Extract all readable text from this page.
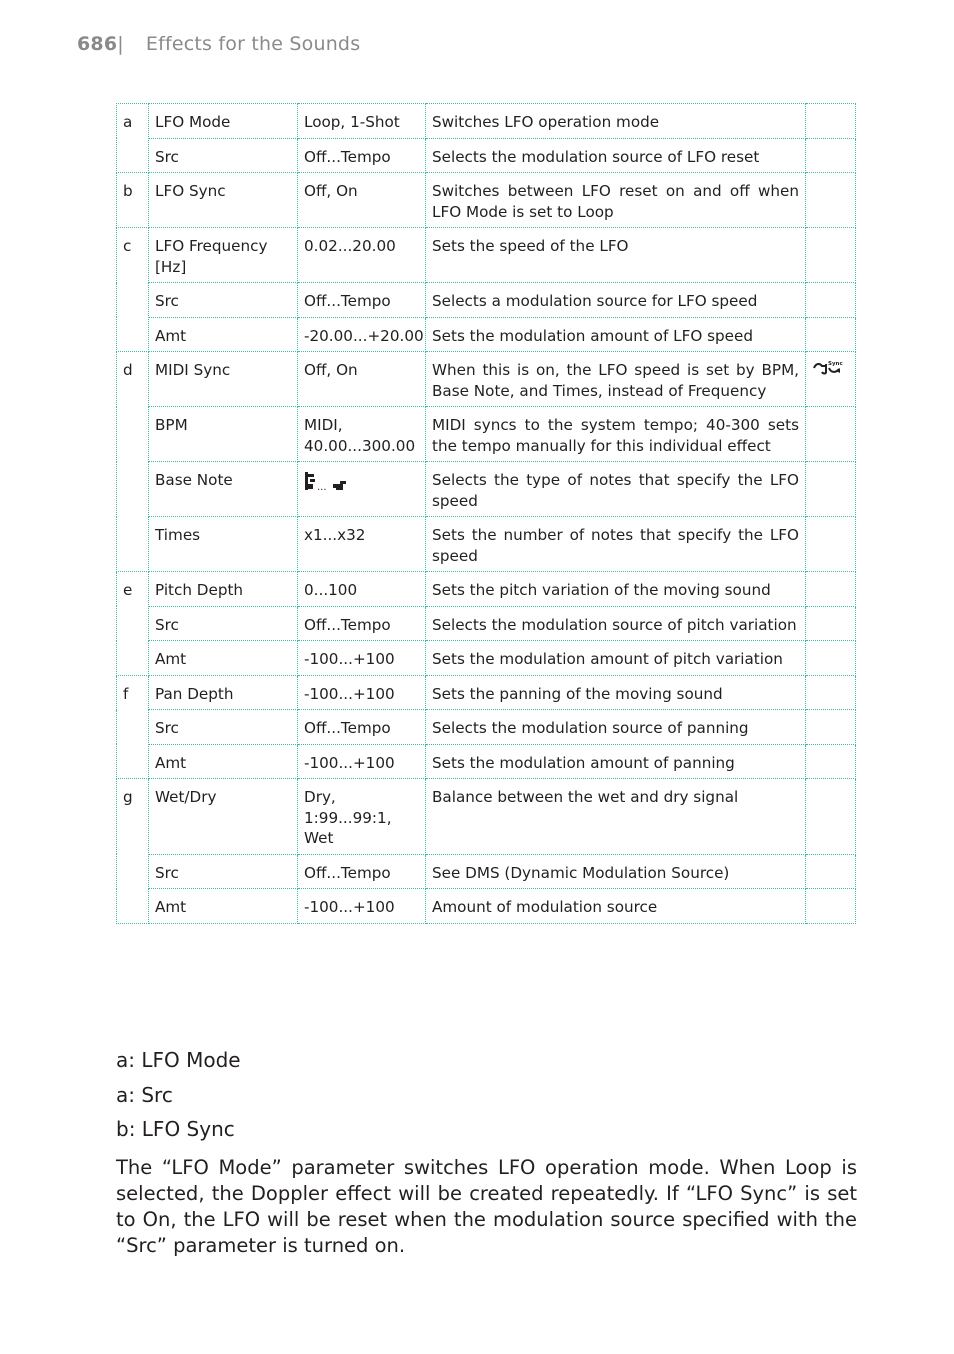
686| Effects for the Sounds
a	LFO Mode	Loop, 1-Shot	Switches LFO operation mode	
	Src	Off...Tempo	Selects the modulation source of LFO reset	
b	LFO Sync	Off, On	Switches between LFO reset on and off when LFO Mode is set to Loop	
c	LFO Frequency [Hz]	0.02...20.00	Sets the speed of the LFO	
	Src	Off...Tempo	Selects a modulation source for LFO speed	
	Amt	-20.00...+20.00	Sets the modulation amount of LFO speed	
d	MIDI Sync	Off, On	When this is on, the LFO speed is set by BPM, Base Note, and Times, instead of Frequency	Sync

	BPM	MIDI, 40.00...300.00	MIDI syncs to the system tempo; 40-300 sets the tempo manually for this individual effect	
	Base Note	...	Selects the type of notes that specify the LFO speed	
	Times	x1...x32	Sets the number of notes that specify the LFO speed	
e	Pitch Depth	0...100	Sets the pitch variation of the moving sound	
	Src	Off...Tempo	Selects the modulation source of pitch variation	
	Amt	-100...+100	Sets the modulation amount of pitch variation	
f	Pan Depth	-100...+100	Sets the panning of the moving sound	
	Src	Off...Tempo	Selects the modulation source of panning	
	Amt	-100...+100	Sets the modulation amount of panning	
g	Wet/Dry	Dry, 1:99...99:1, Wet	Balance between the wet and dry signal	
	Src	Off...Tempo	See DMS (Dynamic Modulation Source)	
	Amt	-100...+100	Amount of modulation source	
a: LFO Mode
a: Src
b: LFO Sync

The “LFO Mode” parameter switches LFO operation mode. When Loop is selected, the Doppler effect will be created repeatedly. If “LFO Sync” is set to On, the LFO will be reset when the modulation source specified with the “Src” parameter is turned on.
